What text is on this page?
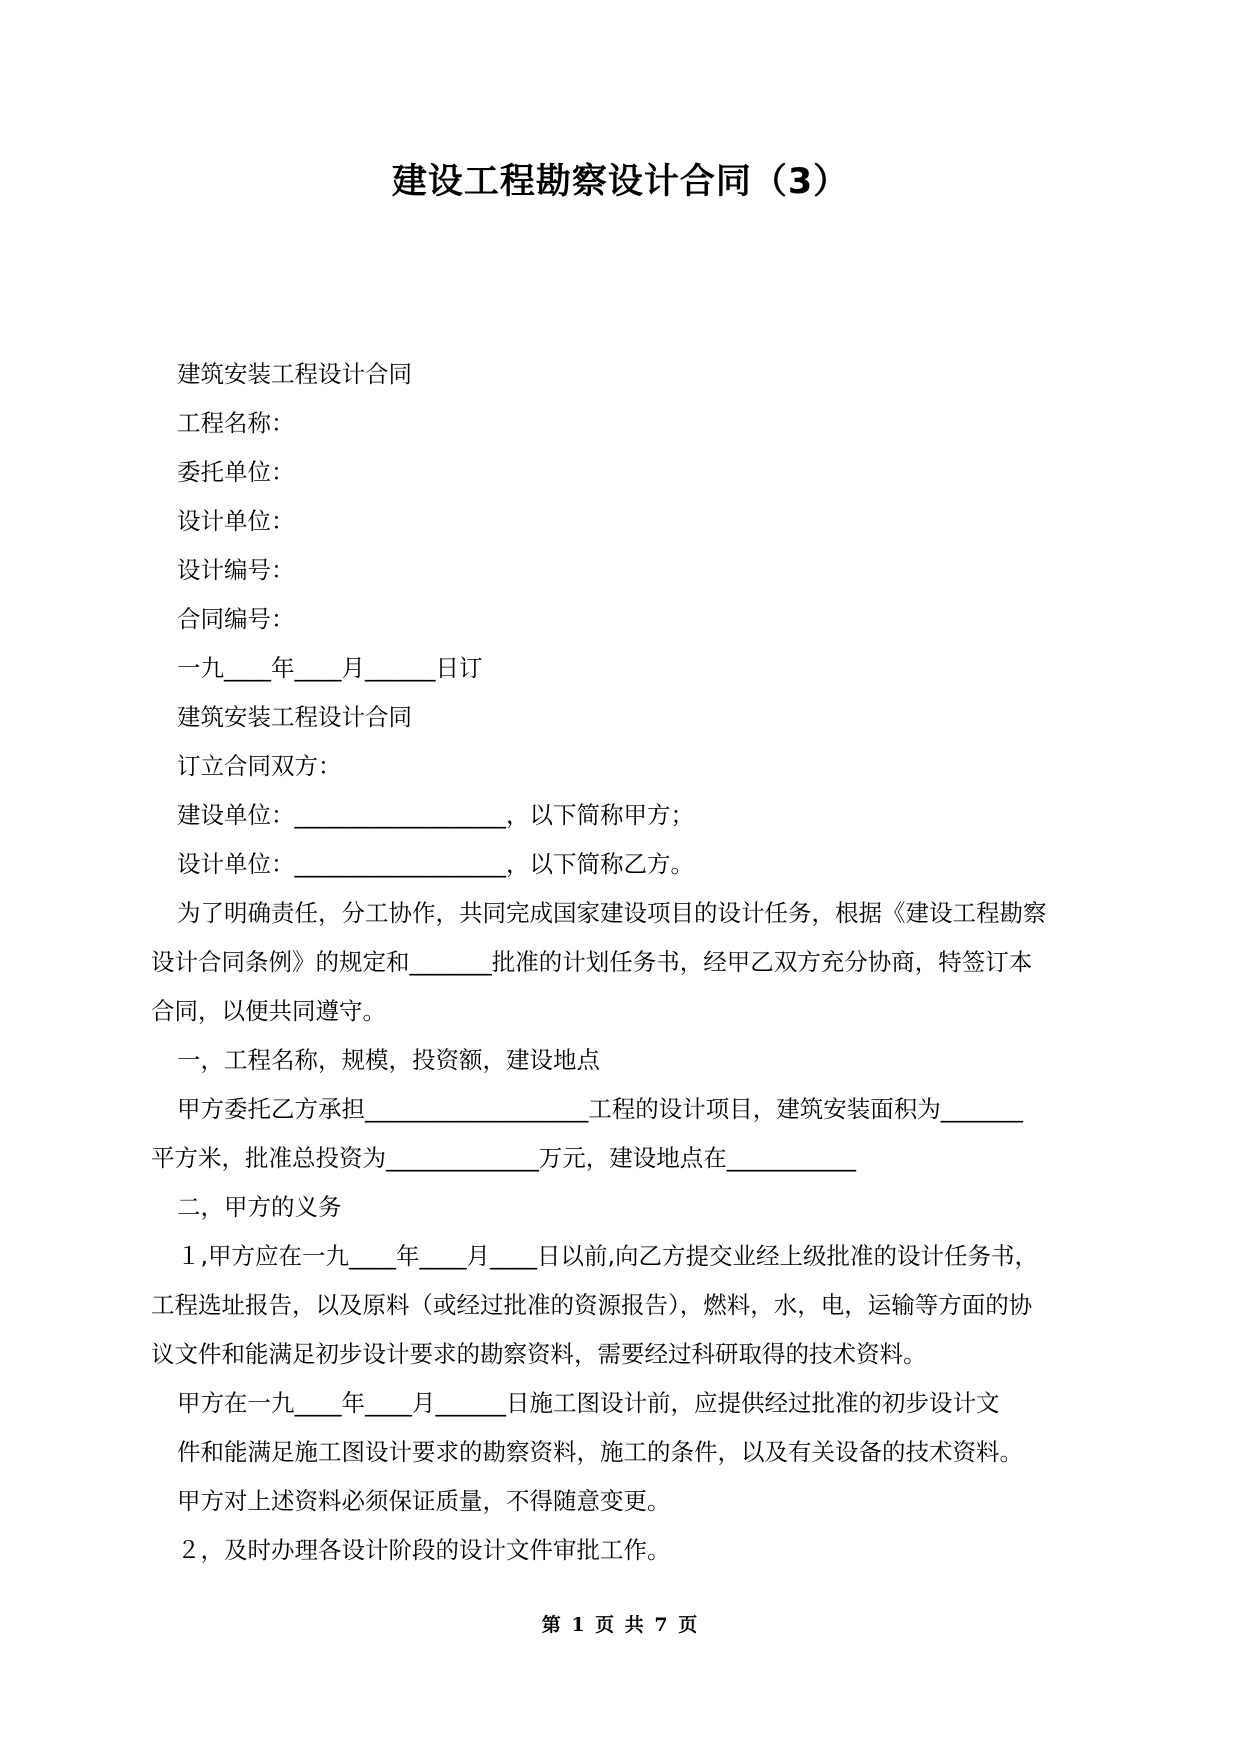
建设工程勘察设计合同（3）
建筑安装工程设计合同
工程名称：
委托单位：
设计单位：
设计编号：
合同编号：
一九____年____月______日订
建筑安装工程设计合同
订立合同双方：
建设单位：__________________，以下简称甲方；
设计单位：__________________，以下简称乙方。
为了明确责任，分工协作，共同完成国家建设项目的设计任务，根据《建设工程勘察
设计合同条例》的规定和_______批准的计划任务书，经甲乙双方充分协商，特签订本
合同，以便共同遵守。
一，工程名称，规模，投资额，建设地点
甲方委托乙方承担___________________工程的设计项目，建筑安装面积为_______
平方米，批准总投资为_____________万元，建设地点在___________
二，甲方的义务
１,甲方应在一九____年____月____日以前,向乙方提交业经上级批准的设计任务书，
工程选址报告，以及原料（或经过批准的资源报告），燃料，水，电，运输等方面的协
议文件和能满足初步设计要求的勘察资料，需要经过科研取得的技术资料。
甲方在一九____年____月______日施工图设计前，应提供经过批准的初步设计文
件和能满足施工图设计要求的勘察资料，施工的条件，以及有关设备的技术资料。
甲方对上述资料必须保证质量，不得随意变更。
２，及时办理各设计阶段的设计文件审批工作。
第 1 页 共 7 页
